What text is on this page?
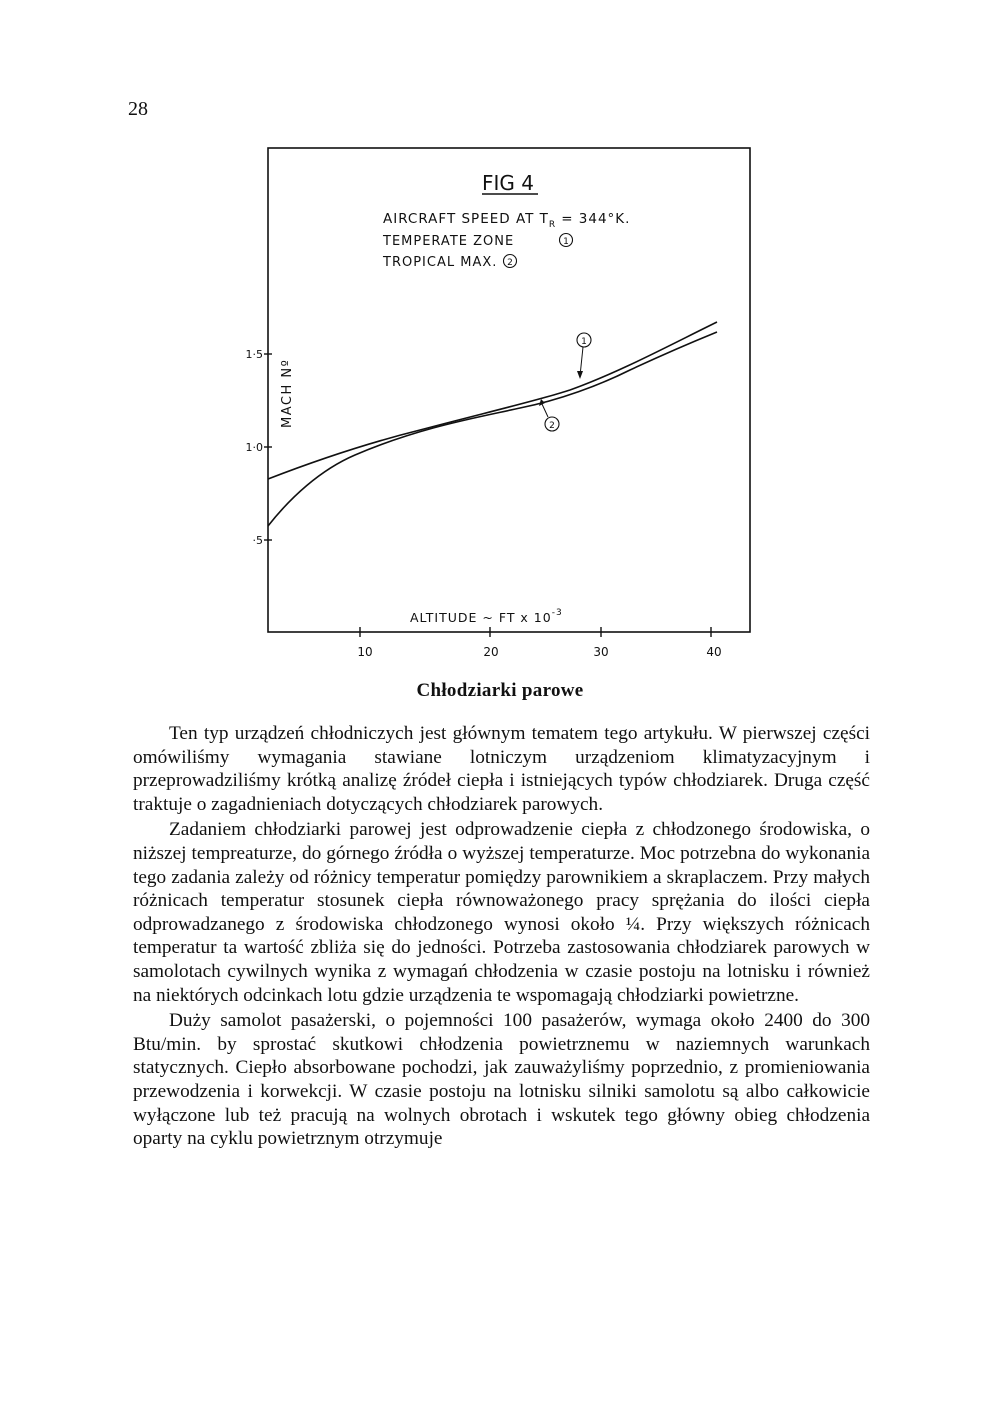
28
FIG 4
AIRCRAFT SPEED AT $T_R = 344^\circ K$.
TEMPERATE ZONE	1
TROPICAL MAX. 2
1·5
1·0
·5
MACH Nº
10	20	30	40
ALTITUDE ~ FT x $10^{-3}$
1
2
Chłodziarki parowe

Ten typ urządzeń chłodniczych jest głównym tematem tego artykułu. W pierwszej części omówiliśmy wymagania stawiane lotniczym urządzeniom klimatyzacyjnym i przeprowadziliśmy krótką analizę źródeł ciepła i istniejących typów chłodziarek. Druga część traktuje o zagadnieniach dotyczących chłodziarek parowych.

Zadaniem chłodziarki parowej jest odprowadzenie ciepła z chłodzonego środowiska, o niższej tempreaturze, do górnego źródła o wyższej temperaturze. Moc potrzebna do wykonania tego zadania zależy od różnicy temperatur pomiędzy parownikiem a skraplaczem. Przy małych różnicach temperatur stosunek ciepła równoważonego pracy sprężania do ilości ciepła odprowadzanego z środowiska chłodzonego wynosi około ¼. Przy większych różnicach temperatur ta wartość zbliża się do jedności. Potrzeba zastosowania chłodziarek parowych w samolotach cywilnych wynika z wymagań chłodzenia w czasie postoju na lotnisku i również na niektórych odcinkach lotu gdzie urządzenia te wspomagają chłodziarki powietrzne.

Duży samolot pasażerski, o pojemności 100 pasażerów, wymaga około 2400 do 300 Btu/min. by sprostać skutkowi chłodzenia powietrznemu w naziemnych warunkach statycznych. Ciepło absorbowane pochodzi, jak zauważyliśmy poprzednio, z promieniowania przewodzenia i korwekcji. W czasie postoju na lotnisku silniki samolotu są albo całkowicie wyłączone lub też pracują na wolnych obrotach i wskutek tego główny obieg chłodzenia oparty na cyklu powietrznym otrzymuje
